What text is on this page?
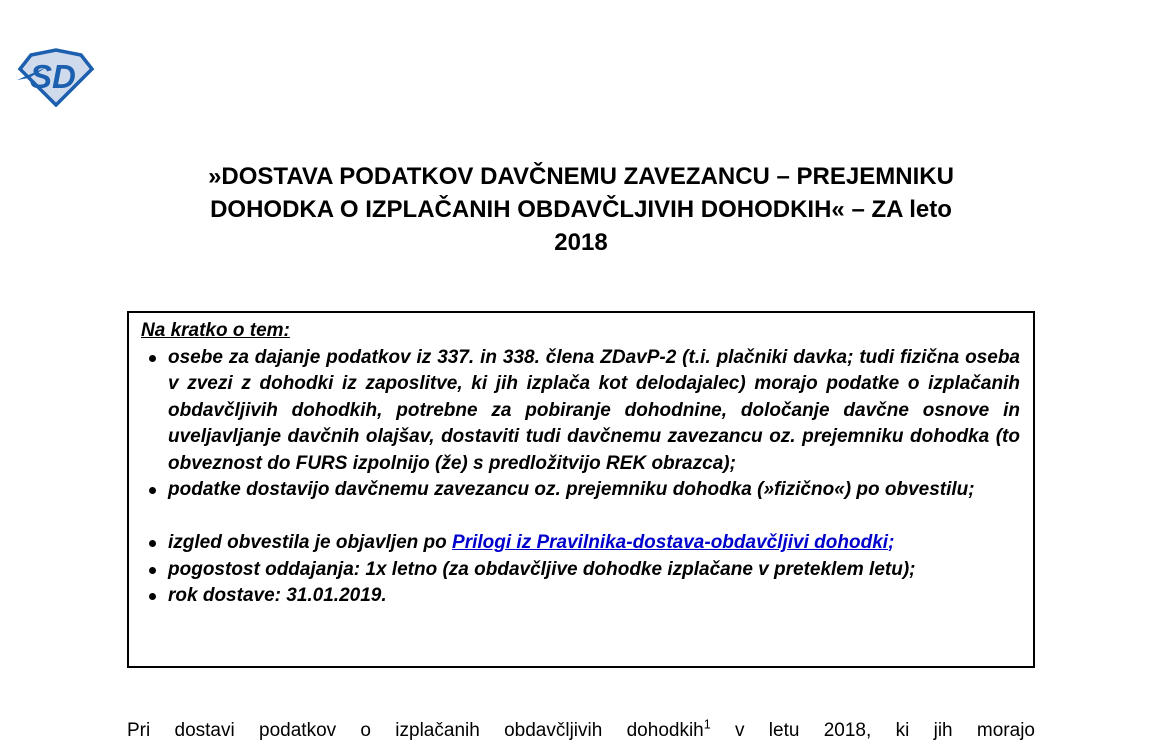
SD
»DOSTAVA PODATKOV DAVČNEMU ZAVEZANCU – PREJEMNIKU
DOHODKA O IZPLAČANIH OBDAVČLJIVIH DOHODKIH« – ZA leto
2018
Na kratko o tem:
osebe za dajanje podatkov iz 337. in 338. člena ZDavP-2 (t.i. plačniki davka; tudi fizična oseba v zvezi z dohodki iz zaposlitve, ki jih izplača kot delodajalec) morajo podatke o izplačanih obdavčljivih dohodkih, potrebne za pobiranje dohodnine, določanje davčne osnove in uveljavljanje davčnih olajšav, dostaviti tudi davčnemu zavezancu oz. prejemniku dohodka (to obveznost do FURS izpolnijo (že) s predložitvijo REK obrazca);
podatke dostavijo davčnemu zavezancu oz. prejemniku dohodka (»fizično«) po obvestilu;
izgled obvestila je objavljen po Prilogi iz Pravilnika-dostava-obdavčljivi dohodki;
pogostost oddajanja: 1x letno (za obdavčljive dohodke izplačane v preteklem letu);
rok dostave: 31.01.2019.
Pri dostavi podatkov o izplačanih obdavčljivih dohodkih$^1$ v letu 2018, ki jih morajo
